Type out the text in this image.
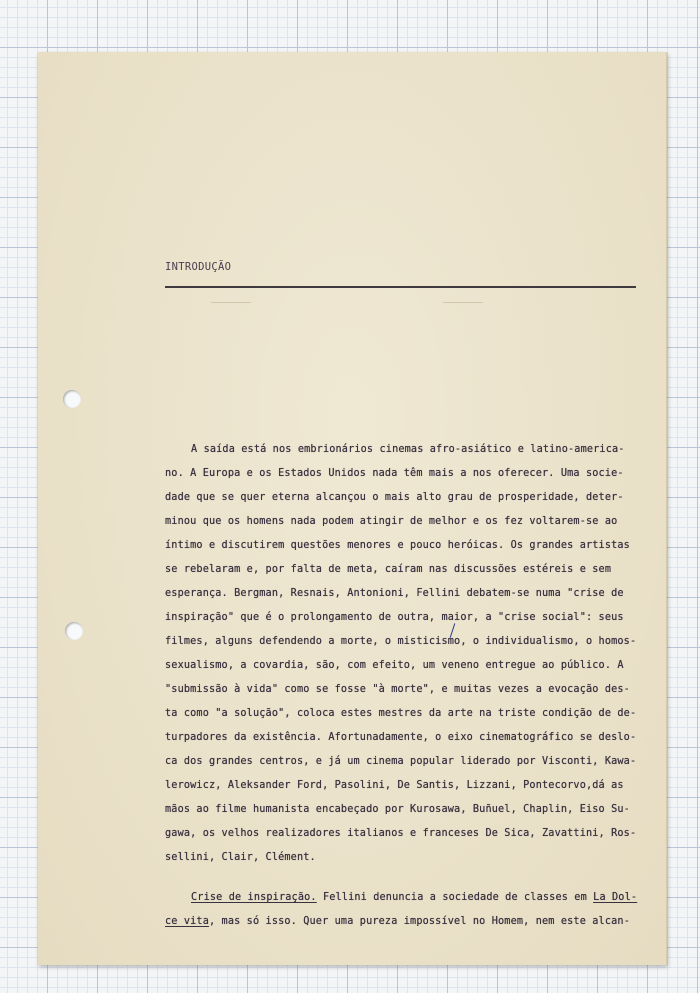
INTRODUÇÃO
A saída está nos embrionários cinemas afro-asiático e latino-america-
no. A Europa e os Estados Unidos nada têm mais a nos oferecer. Uma socie-
dade que se quer eterna alcançou o mais alto grau de prosperidade, deter-
minou que os homens nada podem atingir de melhor e os fez voltarem-se ao
íntimo e discutirem questões menores e pouco heróicas. Os grandes artistas
se rebelaram e, por falta de meta, caíram nas discussões estéreis e sem
esperança. Bergman, Resnais, Antonioni, Fellini debatem-se numa "crise de
inspiração" que é o prolongamento de outra, maior, a "crise social": seus
filmes, alguns defendendo a morte, o misticismo, o individualismo, o homos-
sexualismo, a covardia, são, com efeito, um veneno entregue ao público. A
"submissão à vida" como se fosse "à morte", e muitas vezes a evocação des-
ta como "a solução", coloca estes mestres da arte na triste condição de de-
turpadores da existência. Afortunadamente, o eixo cinematográfico se deslo-
ca dos grandes centros, e já um cinema popular liderado por Visconti, Kawa-
lerowicz, Aleksander Ford, Pasolini, De Santis, Lizzani, Pontecorvo,dá as
mãos ao filme humanista encabeçado por Kurosawa, Buñuel, Chaplin, Eiso Su-
gawa, os velhos realizadores italianos e franceses De Sica, Zavattini, Ros-
sellini, Clair, Clément.
Crise de inspiração. Fellini denuncia a sociedade de classes em La Dol-
ce vita, mas só isso. Quer uma pureza impossível no Homem, nem este alcan-
